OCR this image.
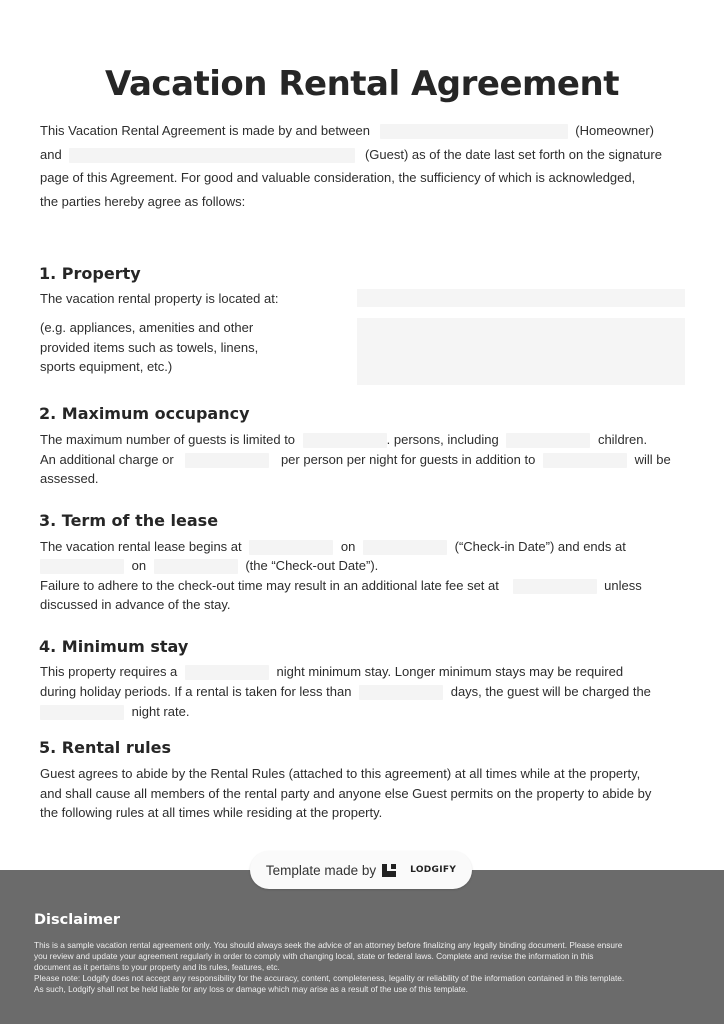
Vacation Rental Agreement
This Vacation Rental Agreement is made by and between	(Homeowner)
and	(Guest) as of the date last set forth on the signature
page of this Agreement. For good and valuable consideration, the sufficiency of which is acknowledged,
the parties hereby agree as follows:
1. Property
The vacation rental property is located at:
(e.g. appliances, amenities and other
provided items such as towels, linens,
sports equipment, etc.)
2. Maximum occupancy
The maximum number of guests is limited to	. persons, including	children.
An additional charge or	per person per night for guests in addition to	will be
assessed.
3. Term of the lease
The vacation rental lease begins at	on	(“Check-in Date”) and ends at
on	(the “Check-out Date”).
Failure to adhere to the check-out time may result in an additional late fee set at	unless
discussed in advance of the stay.
4. Minimum stay
This property requires a	night minimum stay. Longer minimum stays may be required
during holiday periods. If a rental is taken for less than	days, the guest will be charged the
night rate.
5. Rental rules
Guest agrees to abide by the Rental Rules (attached to this agreement) at all times while at the property,
and shall cause all members of the rental party and anyone else Guest permits on the property to abide by
the following rules at all times while residing at the property.
Template made by	LODGIFY
Disclaimer
This is a sample vacation rental agreement only. You should always seek the advice of an attorney before finalizing any legally binding document. Please ensure
you review and update your agreement regularly in order to comply with changing local, state or federal laws. Complete and revise the information in this
document as it pertains to your property and its rules, features, etc.
Please note: Lodgify does not accept any responsibility for the accuracy, content, completeness, legality or reliability of the information contained in this template.
As such, Lodgify shall not be held liable for any loss or damage which may arise as a result of the use of this template.
